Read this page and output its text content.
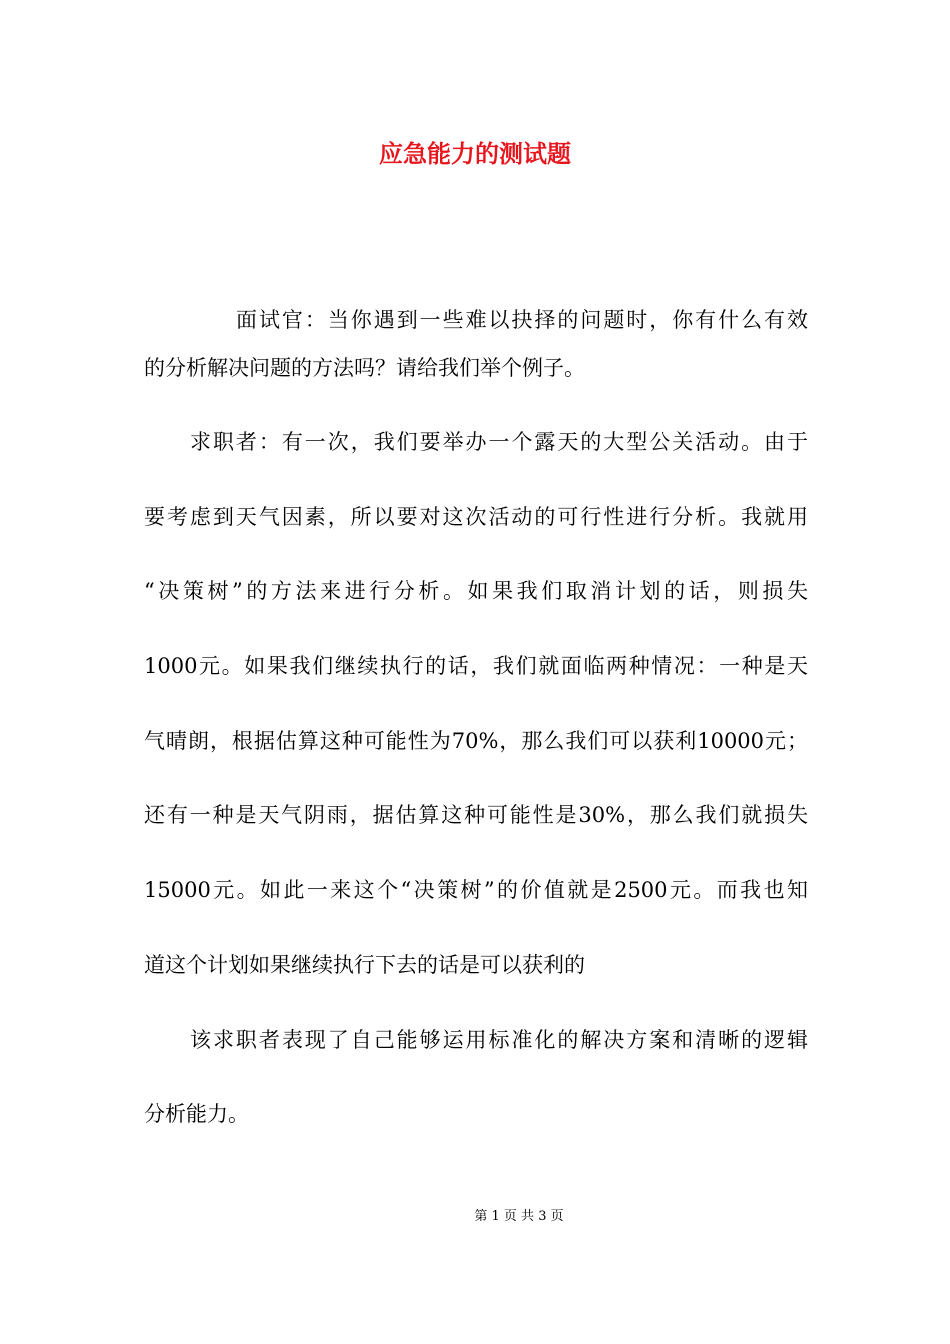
应急能力的测试题

面试官：当你遇到一些难以抉择的问题时，你有什么有效

的分析解决问题的方法吗？请给我们举个例子。

求职者：有一次，我们要举办一个露天的大型公关活动。由于

要考虑到天气因素，所以要对这次活动的可行性进行分析。我就用

“决策树”的方法来进行分析。如果我们取消计划的话，则损失

1000元。如果我们继续执行的话，我们就面临两种情况：一种是天

气晴朗，根据估算这种可能性为70%，那么我们可以获利10000元；

还有一种是天气阴雨，据估算这种可能性是30%，那么我们就损失

15000元。如此一来这个“决策树”的价值就是2500元。而我也知

道这个计划如果继续执行下去的话是可以获利的

该求职者表现了自己能够运用标准化的解决方案和清晰的逻辑

分析能力。

第 1 页 共 3 页
